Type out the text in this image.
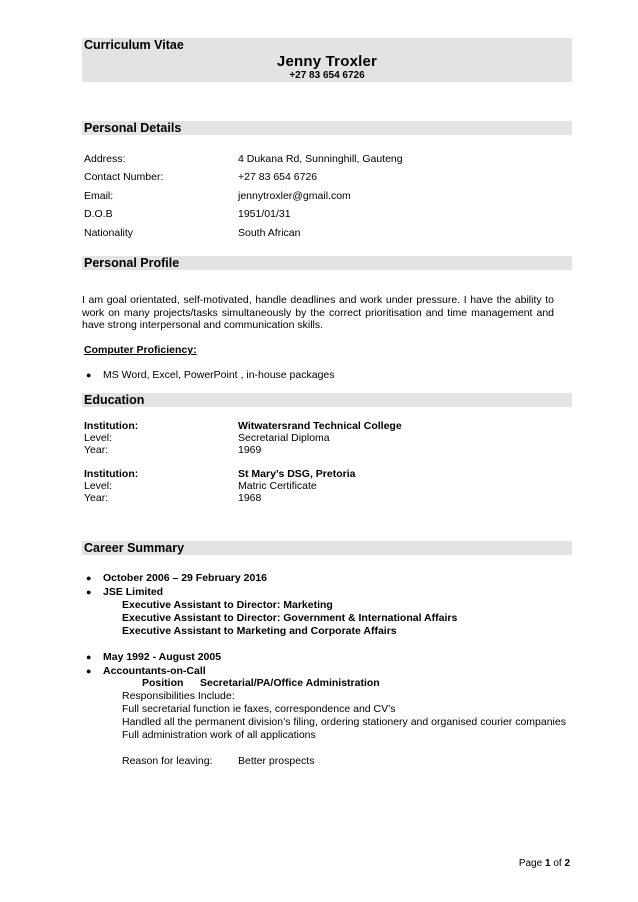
Curriculum Vitae
Jenny Troxler
+27 83 654 6726
Personal Details
Address:	4 Dukana Rd, Sunninghill, Gauteng
Contact Number:	+27 83 654 6726
Email:	jennytroxler@gmail.com
D.O.B	1951/01/31
Nationality	South African
Personal Profile
I am goal orientated, self-motivated, handle deadlines and work under pressure. I have the ability to work on many projects/tasks simultaneously by the correct prioritisation and time management and have strong interpersonal and communication skills.
Computer Proficiency:
● MS Word, Excel, PowerPoint , in-house packages
Education
Institution:	Witwatersrand Technical College
Level:	Secretarial Diploma
Year:	1969
Institution:	St Mary’s DSG, Pretoria
Level:	Matric Certificate
Year:	1968
Career Summary
● October 2006 – 29 February 2016
● JSE Limited
Executive Assistant to Director: Marketing
Executive Assistant to Director: Government & International Affairs
Executive Assistant to Marketing and Corporate Affairs
● May 1992 - August 2005
● Accountants-on-Call
Position Secretarial/PA/Office Administration
Responsibilities Include:
Full secretarial function ie faxes, correspondence and CV’s
Handled all the permanent division’s filing, ordering stationery and organised courier companies
Full administration work of all applications
Reason for leaving: Better prospects
Page 1 of 2
